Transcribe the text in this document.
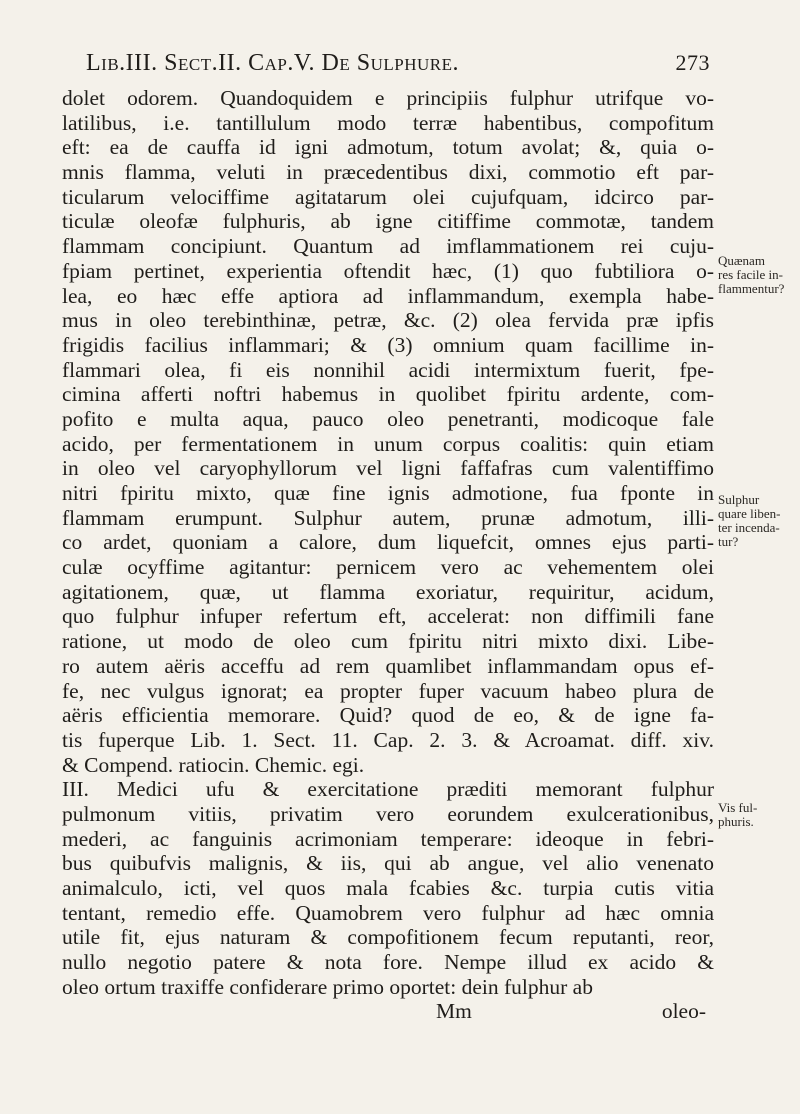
Lib.III. Sect.II. Cap.V. De Sulphure.	273
dolet odorem. Quandoquidem e principiis fulphur utrifque vo-
latilibus, i.e. tantillulum modo terræ habentibus, compofitum
eft: ea de cauffa id igni admotum, totum avolat; &, quia o-
mnis flamma, veluti in præcedentibus dixi, commotio eft par-
ticularum velociffime agitatarum olei cujufquam, idcirco par-
ticulæ oleofæ fulphuris, ab igne citiffime commotæ, tandem
flammam concipiunt. Quantum ad imflammationem rei cuju-
fpiam pertinet, experientia oftendit hæc, (1) quo fubtiliora o-
lea, eo hæc effe aptiora ad inflammandum, exempla habe-
mus in oleo terebinthinæ, petræ, &c. (2) olea fervida præ ipfis
frigidis facilius inflammari; & (3) omnium quam facillime in-
flammari olea, fi eis nonnihil acidi intermixtum fuerit, fpe-
cimina afferti noftri habemus in quolibet fpiritu ardente, com-
pofito e multa aqua, pauco oleo penetranti, modicoque fale
acido, per fermentationem in unum corpus coalitis: quin etiam
in oleo vel caryophyllorum vel ligni faffafras cum valentiffimo
nitri fpiritu mixto, quæ fine ignis admotione, fua fponte in
flammam erumpunt. Sulphur autem, prunæ admotum, illi-
co ardet, quoniam a calore, dum liquefcit, omnes ejus parti-
culæ ocyffime agitantur: pernicem vero ac vehementem olei
agitationem, quæ, ut flamma exoriatur, requiritur, acidum,
quo fulphur infuper refertum eft, accelerat: non diffimili fane
ratione, ut modo de oleo cum fpiritu nitri mixto dixi. Libe-
ro autem aëris acceffu ad rem quamlibet inflammandam opus ef-
fe, nec vulgus ignorat; ea propter fuper vacuum habeo plura de
aëris efficientia memorare. Quid? quod de eo, & de igne fa-
tis fuperque Lib. 1. Sect. 11. Cap. 2. 3. & Acroamat. diff. xiv.
& Compend. ratiocin. Chemic. egi.
III. Medici ufu & exercitatione præditi memorant fulphur
pulmonum vitiis, privatim vero eorundem exulcerationibus,
mederi, ac fanguinis acrimoniam temperare: ideoque in febri-
bus quibufvis malignis, & iis, qui ab angue, vel alio venenato
animalculo, icti, vel quos mala fcabies &c. turpia cutis vitia
tentant, remedio effe. Quamobrem vero fulphur ad hæc omnia
utile fit, ejus naturam & compofitionem fecum reputanti, reor,
nullo negotio patere & nota fore. Nempe illud ex acido &
oleo ortum traxiffe confiderare primo oportet: dein fulphur ab
Mm	oleo-
Quænam
res facile in-
flammentur?
Sulphur
quare liben-
ter incenda-
tur?
Vis ful-
phuris.
